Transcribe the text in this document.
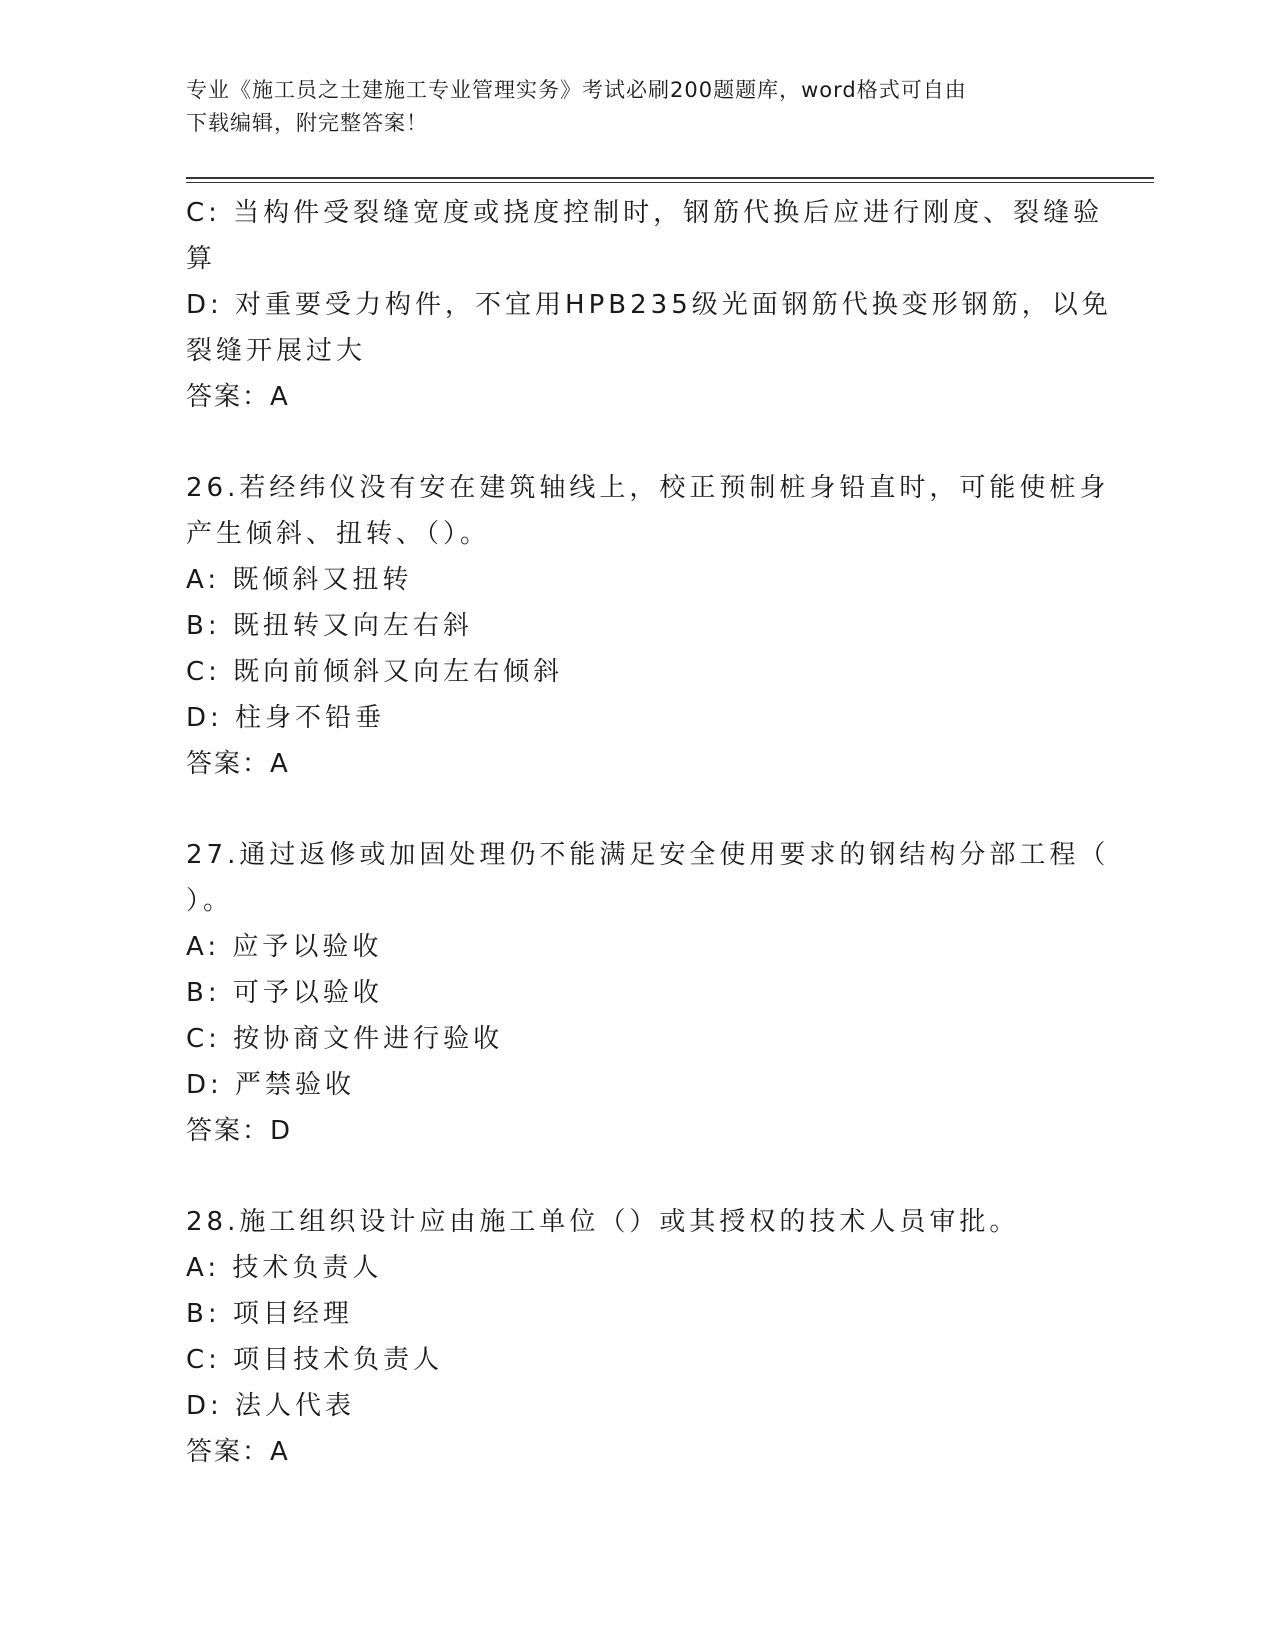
专业《施工员之土建施工专业管理实务》考试必刷200题题库，word格式可自由
下载编辑，附完整答案！
C: 当构件受裂缝宽度或挠度控制时，钢筋代换后应进行刚度、裂缝验
算
D: 对重要受力构件，不宜用HPB235级光面钢筋代换变形钢筋，以免
裂缝开展过大
答案：A
26.若经纬仪没有安在建筑轴线上，校正预制桩身铅直时，可能使桩身
产生倾斜、扭转、（）。
A: 既倾斜又扭转
B: 既扭转又向左右斜
C: 既向前倾斜又向左右倾斜
D: 柱身不铅垂
答案：A
27.通过返修或加固处理仍不能满足安全使用要求的钢结构分部工程（
）。
A: 应予以验收
B: 可予以验收
C: 按协商文件进行验收
D: 严禁验收
答案：D
28.施工组织设计应由施工单位（）或其授权的技术人员审批。
A: 技术负责人
B: 项目经理
C: 项目技术负责人
D: 法人代表
答案：A
